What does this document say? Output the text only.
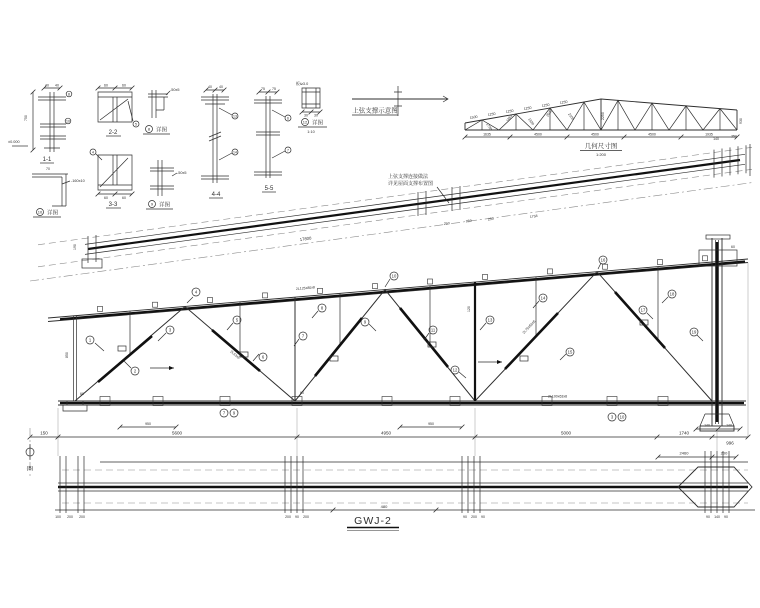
40 40
750
8
10
±0.000
1-1
-160x10
70
10 详图
60	60
5
2-2
4
60	60
3-3
-50x5
8 详图
-50x5
9 详图
40 40
13
14
4-4
75 75
6
7
5-5
板t≥3.0
30 30
12 详图
1:10
上弦支撑示意图
1500
1250
1250
1250
1250
1250
1790
1853	1920
2010	2105
1635	4500	4500	4500	1935
2250
930
几何尺寸图
1:200
190
140
250
250
950	250
1758
17800
上弦支撑连接做法
详见屋面支撑布置图
1
2
3
4
5
6
7
8
9
10
11
12
13
14
15
16
17
18
19
7 9
3 10
2L125x80x8
2L75x50x5
2L63x5
2L100x63x8
60	60
60
120
850
150	5600	4950	5000	1740
996
950	950	140	140
(B)
2460	200
100 200 200	200 90 200	90 200 90	90 140 90
480
GWJ-2
